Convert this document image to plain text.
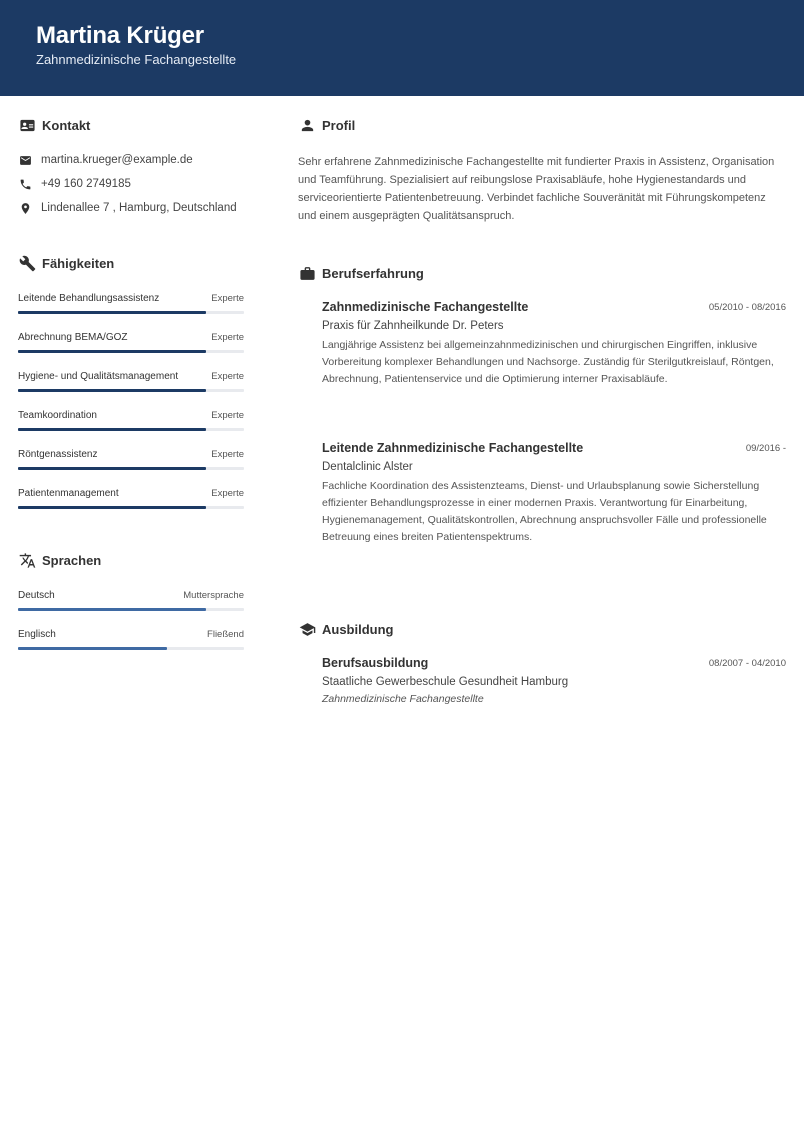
Martina Krüger
Zahnmedizinische Fachangestellte
Kontakt
martina.krueger@example.de
+49 160 2749185
Lindenallee 7 , Hamburg, Deutschland
Fähigkeiten
Leitende Behandlungsassistenz	Experte
Abrechnung BEMA/GOZ	Experte
Hygiene- und Qualitätsmanagement	Experte
Teamkoordination	Experte
Röntgenassistenz	Experte
Patientenmanagement	Experte
Sprachen
Deutsch	Muttersprache
Englisch	Fließend
Profil
Sehr erfahrene Zahnmedizinische Fachangestellte mit fundierter Praxis in Assistenz, Organisation und Teamführung. Spezialisiert auf reibungslose Praxisabläufe, hohe Hygienestandards und serviceorientierte Patientenbetreuung. Verbindet fachliche Souveränität mit Führungskompetenz und einem ausgeprägten Qualitätsanspruch.
Berufserfahrung
Zahnmedizinische Fachangestellte	05/2010 - 08/2016
Praxis für Zahnheilkunde Dr. Peters
Langjährige Assistenz bei allgemeinzahnmedizinischen und chirurgischen Eingriffen, inklusive Vorbereitung komplexer Behandlungen und Nachsorge. Zuständig für Sterilgutkreislauf, Röntgen, Abrechnung, Patientenservice und die Optimierung interner Praxisabläufe.
Leitende Zahnmedizinische Fachangestellte	09/2016 -
Dentalclinic Alster
Fachliche Koordination des Assistenzteams, Dienst- und Urlaubsplanung sowie Sicherstellung effizienter Behandlungsprozesse in einer modernen Praxis. Verantwortung für Einarbeitung, Hygienemanagement, Qualitätskontrollen, Abrechnung anspruchsvoller Fälle und professionelle Betreuung eines breiten Patientenspektrums.
Ausbildung
Berufsausbildung	08/2007 - 04/2010
Staatliche Gewerbeschule Gesundheit Hamburg
Zahnmedizinische Fachangestellte
